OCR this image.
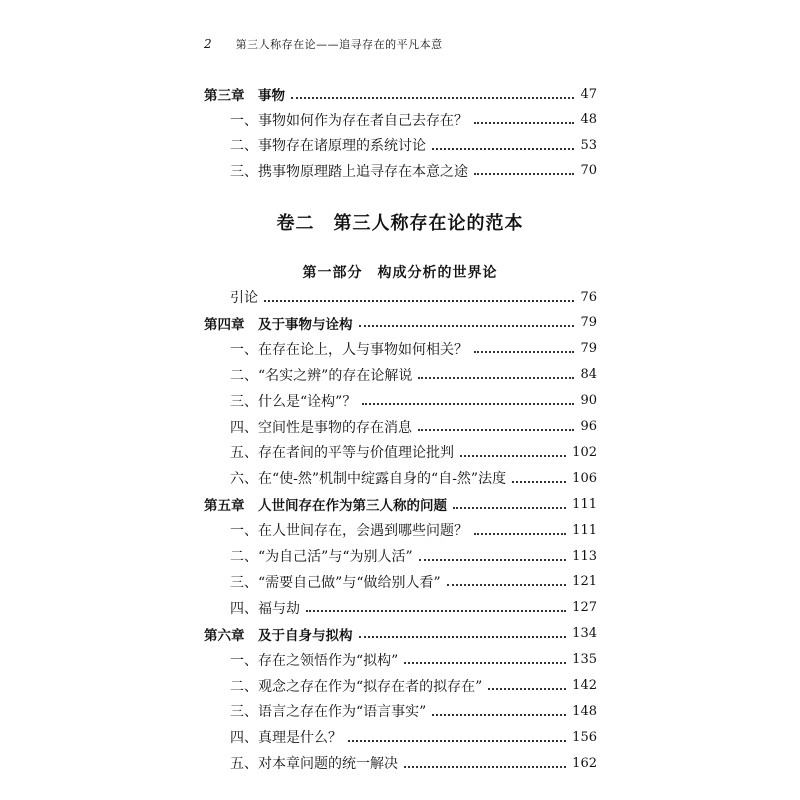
2 第三人称存在论——追寻存在的平凡本意
第三章　事物	47
一、事物如何作为存在者自己去存在？	48
二、事物存在诸原理的系统讨论	53
三、携事物原理踏上追寻存在本意之途	70
卷二　第三人称存在论的范本
第一部分　构成分析的世界论
引论	76
第四章　及于事物与诠构	79
一、在存在论上，人与事物如何相关？	79
二、“名实之辨”的存在论解说	84
三、什么是“诠构”？	90
四、空间性是事物的存在消息	96
五、存在者间的平等与价值理论批判	102
六、在“使-然”机制中绽露自身的“自-然”法度	106
第五章　人世间存在作为第三人称的问题	111
一、在人世间存在，会遇到哪些问题？	111
二、“为自己活”与“为别人活”	113
三、“需要自己做”与“做给别人看”	121
四、福与劫	127
第六章　及于自身与拟构	134
一、存在之领悟作为“拟构”	135
二、观念之存在作为“拟存在者的拟存在”	142
三、语言之存在作为“语言事实”	148
四、真理是什么？	156
五、对本章问题的统一解决	162
